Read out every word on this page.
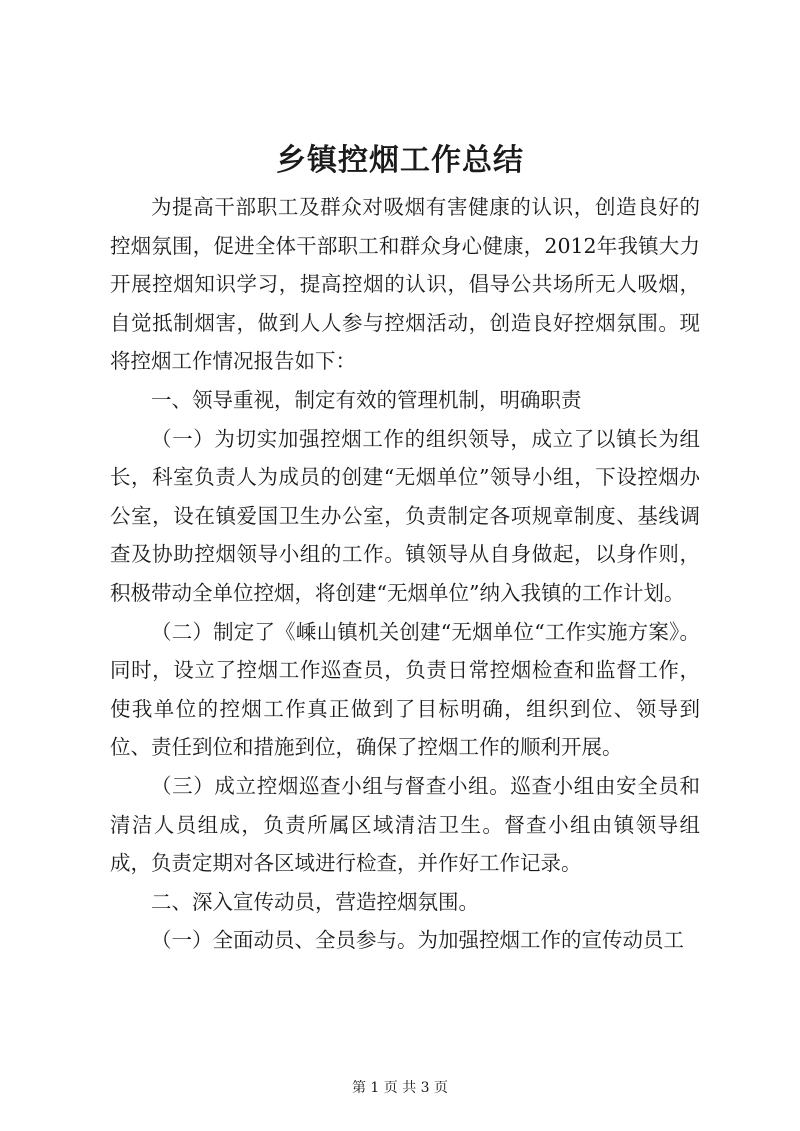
乡镇控烟工作总结

为提高干部职工及群众对吸烟有害健康的认识，创造良好的控烟氛围，促进全体干部职工和群众身心健康，2012年我镇大力开展控烟知识学习，提高控烟的认识，倡导公共场所无人吸烟，自觉抵制烟害，做到人人参与控烟活动，创造良好控烟氛围。现将控烟工作情况报告如下：

一、领导重视，制定有效的管理机制，明确职责

（一）为切实加强控烟工作的组织领导，成立了以镇长为组长，科室负责人为成员的创建“无烟单位”领导小组，下设控烟办公室，设在镇爱国卫生办公室，负责制定各项规章制度、基线调查及协助控烟领导小组的工作。镇领导从自身做起，以身作则，积极带动全单位控烟，将创建“无烟单位”纳入我镇的工作计划。

（二）制定了《嵊山镇机关创建“无烟单位“工作实施方案》。同时，设立了控烟工作巡查员，负责日常控烟检查和监督工作，使我单位的控烟工作真正做到了目标明确，组织到位、领导到位、责任到位和措施到位，确保了控烟工作的顺利开展。

（三）成立控烟巡查小组与督查小组。巡查小组由安全员和清洁人员组成，负责所属区域清洁卫生。督查小组由镇领导组成，负责定期对各区域进行检查，并作好工作记录。

二、深入宣传动员，营造控烟氛围。

（一）全面动员、全员参与。为加强控烟工作的宣传动员工

第 1 页 共 3 页
